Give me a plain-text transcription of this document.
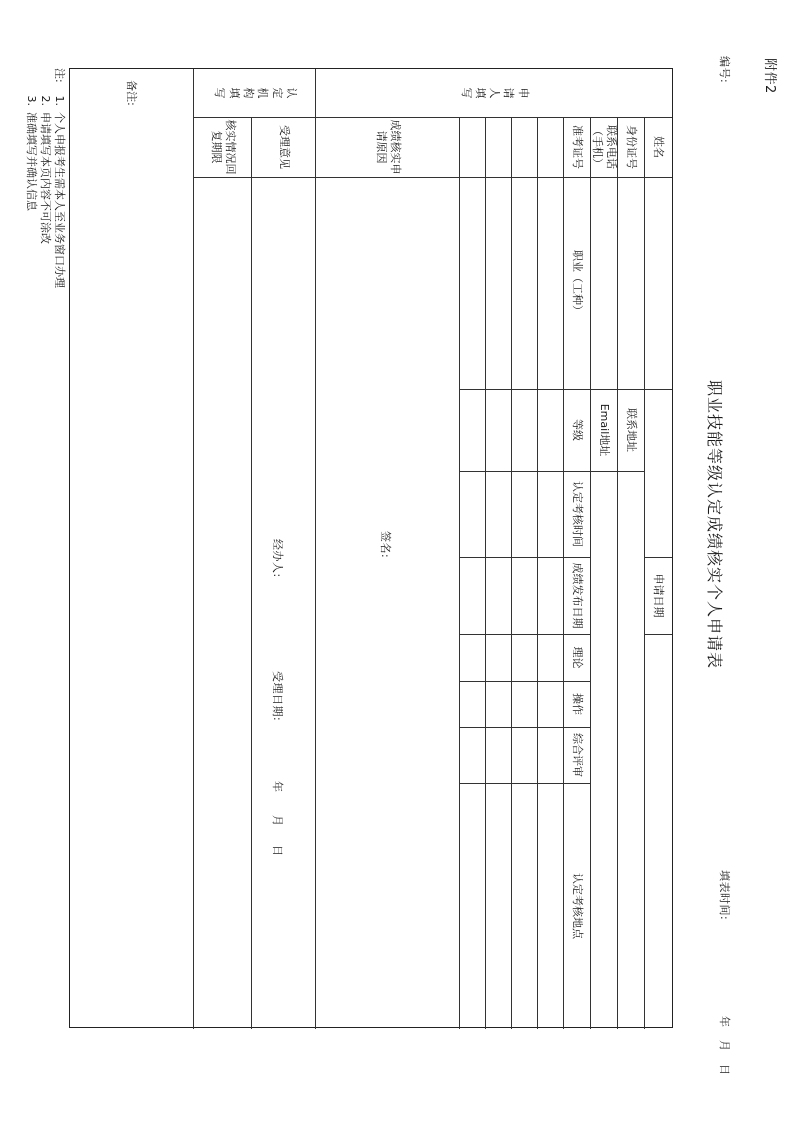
附件2
编号:
职业技能等级认定成绩核实个人申请表
填表时间:
年
月
日
申
请
人
填
写
姓名
身份证号
联系电话（手机）
准考证号
成绩核实申请原因
申请日期
联系地址
Email地址
职业（工种）
等级
认定考核时间
成绩发布日期
理论
操作
综合评审
认定考核地点
签名:
认
定
机
构
填
写
受理意见
核实情况回复期限
经办人:
受理日期:
年
月
日
备注:
注:
1.
个人申报考生需本人至业务窗口办理
2.
申请填写本页内容不可涂改
3.
准确填写并确认信息
